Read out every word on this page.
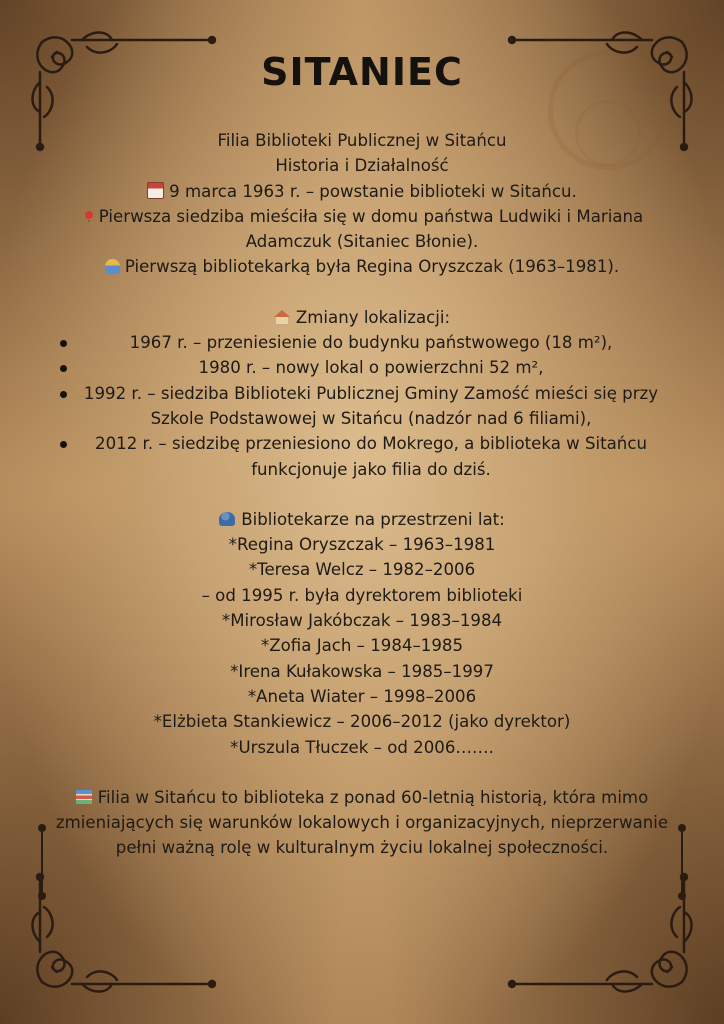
SITANIEC
Filia Biblioteki Publicznej w Sitańcu
Historia i Działalność
9 marca 1963 r. – powstanie biblioteki w Sitańcu.
Pierwsza siedziba mieściła się w domu państwa Ludwiki i Mariana Adamczuk (Sitaniec Błonie).
Pierwszą bibliotekarką była Regina Oryszczak (1963–1981).
Zmiany lokalizacji:
1967 r. – przeniesienie do budynku państwowego (18 m²),
1980 r. – nowy lokal o powierzchni 52 m²,
1992 r. – siedziba Biblioteki Publicznej Gminy Zamość mieści się przy Szkole Podstawowej w Sitańcu (nadzór nad 6 filiami),
2012 r. – siedzibę przeniesiono do Mokrego, a biblioteka w Sitańcu funkcjonuje jako filia do dziś.
Bibliotekarze na przestrzeni lat:
*Regina Oryszczak – 1963–1981
*Teresa Welcz – 1982–2006
– od 1995 r. była dyrektorem biblioteki
*Mirosław Jakóbczak – 1983–1984
*Zofia Jach – 1984–1985
*Irena Kułakowska – 1985–1997
*Aneta Wiater – 1998–2006
*Elżbieta Stankiewicz – 2006–2012 (jako dyrektor)
*Urszula Tłuczek – od 2006…….
Filia w Sitańcu to biblioteka z ponad 60-letnią historią, która mimo zmieniających się warunków lokalowych i organizacyjnych, nieprzerwanie pełni ważną rolę w kulturalnym życiu lokalnej społeczności.
